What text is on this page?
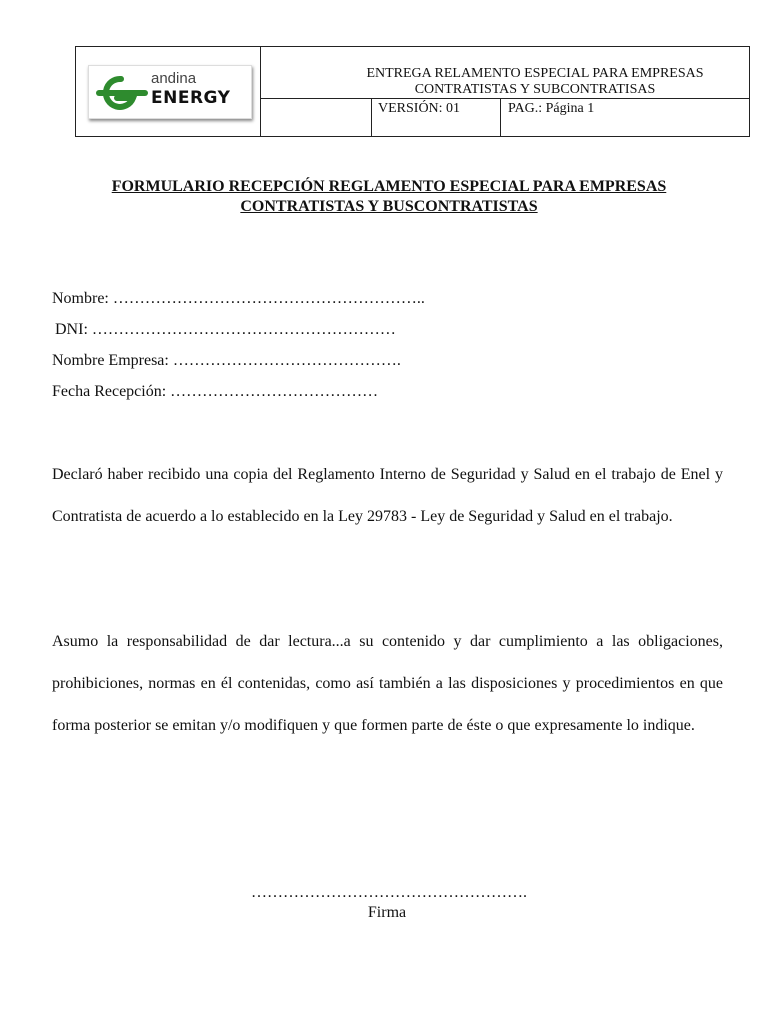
andina
ENERGY
ENTREGA RELAMENTO ESPECIAL PARA EMPRESAS
CONTRATISTAS Y SUBCONTRATISAS
VERSIÓN: 01	PAG.: Página 1
FORMULARIO RECEPCIÓN REGLAMENTO ESPECIAL PARA EMPRESAS
CONTRATISTAS Y BUSCONTRATISTAS
Nombre: …………………………………………………..
DNI: …………………………………………………
Nombre Empresa: …………………………………….
Fecha Recepción: …………………………………
Declaró haber recibido una copia del Reglamento Interno de Seguridad y Salud en el trabajo de Enel y Contratista de acuerdo a lo establecido en la Ley 29783 - Ley de Seguridad y Salud en el trabajo.
Asumo la responsabilidad de dar lectura...a su contenido y dar cumplimiento a las obligaciones, prohibiciones, normas en él contenidas, como así también a las disposiciones y procedimientos en que forma posterior se emitan y/o modifiquen y que formen parte de éste o que expresamente lo indique.
…………………………………………….
Firma
